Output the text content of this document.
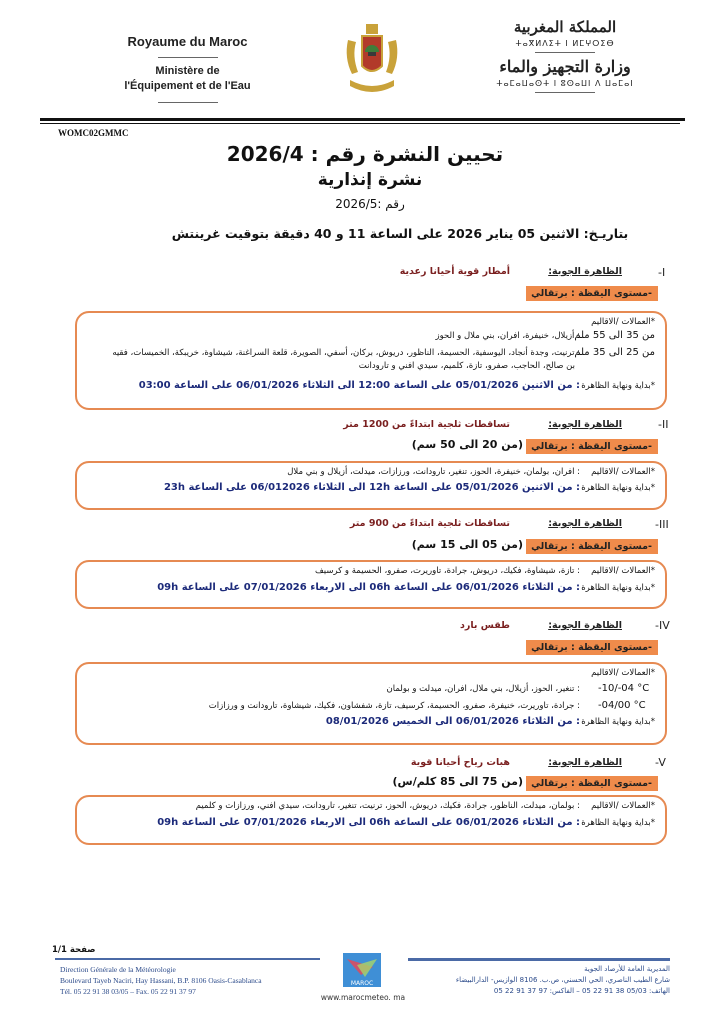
Royaume du Maroc
Ministère de
l'Équipement et de l'Eau
المملكة المغربية
ⵜⴰⴳⵍⴷⵉⵜ ⵏ ⵍⵎⵖⵔⵉⴱ
وزارة التجهيز والماء
ⵜⴰⵎⴰⵡⴰⵙⵜ ⵏ ⵓⵙⴰⵡⵏ ⴷ ⵡⴰⵎⴰⵏ
WOMC02GMMC
تحيين النشرة رقم : 2026/4
نشرة إنذارية
رقم :2026/5
بتاريـخ: الاثنين 05 يناير 2026 على الساعة 11 و 40 دقيقة بتوقيت غرينتش
-I
الظاهرة الجوية:
أمطار قوية أحيانا رعدية
-مستوى اليقظة : برتقالي
*العمالات /الاقاليم
من 35 الى 55 ملم
: أزيلال، خنيفرة، افران، بني ملال و الحوز
من 25 الى 35 ملم
: ترنيت، وجدة أنجاد، اليوسفية، الحسيمة، الناظور، دريوش، بركان، أسفي، الصويرة، قلعة السراغنة، شيشاوة، خريبكة، الخميسات، فقيه
بن صالح، الحاجب، صفرو، تازة، كلميم، سيدي افني و تارودانت
*بداية ونهاية الظاهرة
: من الاثنين 05/01/2026 على الساعة 12:00 الى الثلاثاء 06/01/2026 على الساعة 03:00
-II
الظاهرة الجوية:
تساقطات ثلجية ابتداءً من 1200 متر
-مستوى اليقظة : برتقالي
(من 20 الى 50 سم)
*العمالات /الاقاليم
: افران، بولمان، خنيفرة، الحوز، تنغير، تارودانت، ورزازات، ميدلت، أزيلال و بني ملال
*بداية ونهاية الظاهرة
: من الاثنين 05/01/2026 على الساعة 12h الى الثلاثاء 06/012026 على الساعة 23h
-III
الظاهرة الجوية:
تساقطات ثلجية ابتداءً من 900 متر
-مستوى اليقظة : برتقالي
(من 05 الى 15 سم)
*العمالات /الاقاليم
: تازة، شيشاوة، فكيك، دريوش، جرادة، تاوريرت، صفرو، الحسيمة و كرسيف
*بداية ونهاية الظاهرة
: من الثلاثاء 06/01/2026 على الساعة 06h الى الاربعاء 07/01/2026 على الساعة 09h
-IV
الظاهرة الجوية:
طقس بارد
-مستوى اليقظة : برتقالي
*العمالات /الاقاليم
-10/-04 °C
: تنغير، الحوز، أزيلال، بني ملال، افران، ميدلت و بولمان
-04/00 °C
: جرادة، تاوريرت، خنيفرة، صفرو، الحسيمة، كرسيف، تازة، شفشاون، فكيك، شيشاوة، تارودانت و ورزازات
*بداية ونهاية الظاهرة
: من الثلاثاء 06/01/2026 الى الخميس 08/01/2026
-V
الظاهرة الجوية:
هبات رياح أحيانا قوية
-مستوى اليقظة : برتقالي
(من 75 الى 85 كلم/س)
*العمالات /الاقاليم
: بولمان، ميدلت، الناظور، جرادة، فكيك، دريوش، الحوز، ترنيت، تنغير، تارودانت، سيدي افني، ورزازات و كلميم
*بداية ونهاية الظاهرة
: من الثلاثاء 06/01/2026 على الساعة 06h الى الاربعاء 07/01/2026 على الساعة 09h
صفحة 1/1
Direction Générale de la Météorologie
Boulevard Tayeb Naciri, Hay Hassani, B.P. 8106 Oasis-Casablanca
Tél. 05 22 91 38 03/05 – Fax. 05 22 91 37 97
MAROC
www.marocmeteo. ma
المديرية العامة للأرصاد الجوية
شارع الطيب الناصري، الحي الحسني، ص.ب. 8106 الوازيس- الدارالبيضاء
الهاتف: 05/03 38 91 22 05 – الفاكس: 97 37 91 22 05
